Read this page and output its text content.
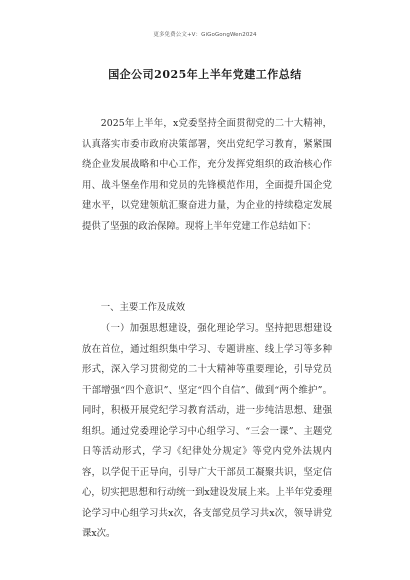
更多免费公文+V：GiGoGongWen2024
国企公司2025年上半年党建工作总结
2025年上半年，x党委坚持全面贯彻党的二十大精神，认真落实市委市政府决策部署，突出党纪学习教育，紧紧围绕企业发展战略和中心工作，充分发挥党组织的政治核心作用、战斗堡垒作用和党员的先锋模范作用，全面提升国企党建水平，以党建领航汇聚奋进力量，为企业的持续稳定发展提供了坚强的政治保障。现将上半年党建工作总结如下：
一、主要工作及成效
（一）加强思想建设，强化理论学习。坚持把思想建设放在首位，通过组织集中学习、专题讲座、线上学习等多种形式，深入学习贯彻党的二十大精神等重要理论，引导党员干部增强“四个意识”、坚定“四个自信”、做到“两个维护”。同时，积极开展党纪学习教育活动，进一步纯洁思想、建强组织。通过党委理论学习中心组学习、“三会一课”、主题党日等活动形式，学习《纪律处分规定》等党内党外法规内容，以学促干正导向，引导广大干部员工凝聚共识，坚定信心，切实把思想和行动统一到x建设发展上来。上半年党委理论学习中心组学习共x次，各支部党员学习共x次，领导讲党课x次。
